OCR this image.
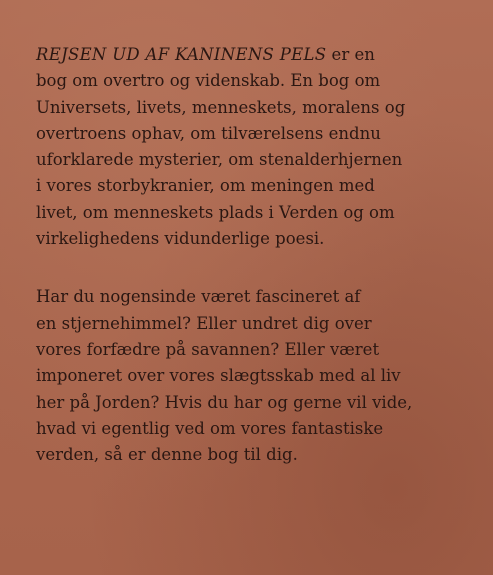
REJSEN UD AF KANINENS PELS er en
bog om overtro og videnskab. En bog om
Universets, livets, menneskets, moralens og
overtroens ophav, om tilværelsens endnu
uforklarede mysterier, om stenalderhjernen
i vores storbykranier, om meningen med
livet, om menneskets plads i Verden og om
virkelighedens vidunderlige poesi.
Har du nogensinde været fascineret af
en stjernehimmel? Eller undret dig over
vores forfædre på savannen? Eller været
imponeret over vores slægtsskab med al liv
her på Jorden? Hvis du har og gerne vil vide,
hvad vi egentlig ved om vores fantastiske
verden, så er denne bog til dig.
